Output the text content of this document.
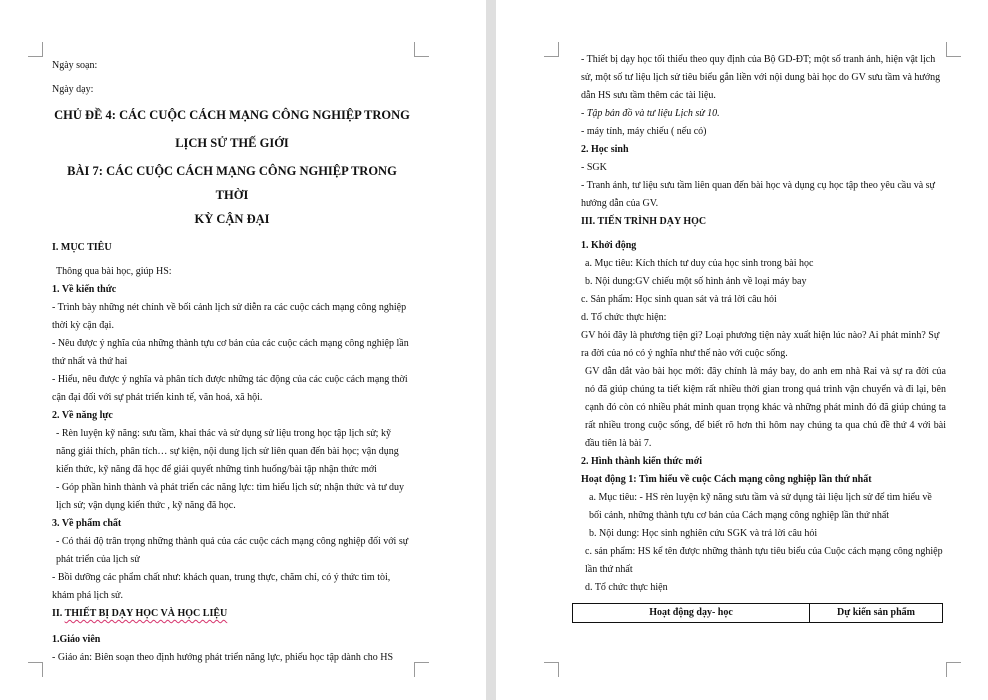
Ngày soạn:

Ngày dạy:

CHỦ ĐỀ 4: CÁC CUỘC CÁCH MẠNG CÔNG NGHIỆP TRONG

LỊCH SỬ THẾ GIỚI

BÀI 7: CÁC CUỘC CÁCH MẠNG CÔNG NGHIỆP TRONG THỜI

KỲ CẬN ĐẠI

I. MỤC TIÊU

Thông qua bài học, giúp HS:

1. Về kiến thức

- Trình bày những nét chính về bối cảnh lịch sử diễn ra các cuộc cách mạng công nghiệp thời kỳ cận đại.

- Nêu được ý nghĩa của những thành tựu cơ bản của các cuộc cách mạng công nghiệp lần thứ nhất và thứ hai

- Hiểu, nêu được ý nghĩa và phân tích được những tác động của các cuộc cách mạng thời cận đại đối với sự phát triển kinh tế, văn hoá, xã hội.

2. Về năng lực

- Rèn luyện kỹ năng: sưu tầm, khai thác và sử dụng sử liệu trong học tập lịch sử; kỹ năng giải thích, phân tích… sự kiện, nội dung lịch sử liên quan đến bài học; vận dụng kiến thức, kỹ năng đã học để giải quyết những tình huống/bài tập nhận thức mới

- Góp phần hình thành và phát triển các năng lực: tìm hiểu lịch sử; nhận thức và tư duy lịch sử; vận dụng kiến thức , kỹ năng đã học.

3. Về phẩm chất

- Có thái độ trân trọng những thành quả của các cuộc cách mạng công nghiệp đối với sự phát triển của lịch sử

- Bồi dưỡng các phẩm chất như: khách quan, trung thực, chăm chỉ, có ý thức tìm tòi, khám phá lịch sử.

II. THIẾT BỊ DẠY HỌC VÀ HỌC LIỆU

1.Giáo viên

- Giáo án: Biên soạn theo định hướng phát triển năng lực, phiếu học tập dành cho HS

- Thiết bị dạy học tối thiểu theo quy định của Bộ GD-ĐT; một số tranh ảnh, hiện vật lịch sử, một số tư liệu lịch sử tiêu biểu gắn liền với nội dung bài học do GV sưu tầm và hướng dẫn HS sưu tầm thêm các tài liệu.

- Tập bản đồ và tư liệu Lịch sử 10.

- máy tính, máy chiếu ( nếu có)

2. Học sinh

- SGK

- Tranh ảnh, tư liệu sưu tầm liên quan đến bài học và dụng cụ học tập theo yêu cầu và sự hướng dẫn của GV.

III. TIẾN TRÌNH DẠY HỌC

1. Khởi động

a. Mục tiêu: Kích thích tư duy của học sinh trong bài học

b. Nội dung:GV chiếu một số hình ảnh về loại máy bay

c. Sản phẩm: Học sinh quan sát và trả lời câu hỏi

d. Tổ chức thực hiện:

GV hỏi đây là phương tiện gì? Loại phương tiện này xuất hiện lúc nào? Ai phát minh? Sự ra đời của nó có ý nghĩa như thế nào với cuộc sống.

GV dẫn dắt vào bài học mới: đây chính là máy bay, do anh em nhà Rai và sự ra đời của nó đã giúp chúng ta tiết kiệm rất nhiều thời gian trong quá trình vận chuyển và đi lại, bên cạnh đó còn có nhiều phát minh quan trọng khác và những phát minh đó đã giúp chúng ta rất nhiều trong cuộc sống, để biết rõ hơn thì hôm nay chúng ta qua chủ đề thứ 4 với bài đầu tiên là bài 7.

2. Hình thành kiến thức mới

Hoạt động 1: Tìm hiểu về cuộc Cách mạng công nghiệp lần thứ nhất

a. Mục tiêu: - HS rèn luyện kỹ năng sưu tầm và sử dụng tài liệu lịch sử để tìm hiểu về bối cảnh, những thành tựu cơ bản của Cách mạng công nghiệp lần thứ nhất

b. Nội dung: Học sinh nghiên cứu SGK và trả lời câu hỏi

c. sản phẩm: HS kể tên được những thành tựu tiêu biểu của Cuộc cách mạng công nghiệp lần thứ nhất

d. Tổ chức thực hiện

Hoạt động dạy- học	Dự kiến sản phẩm
